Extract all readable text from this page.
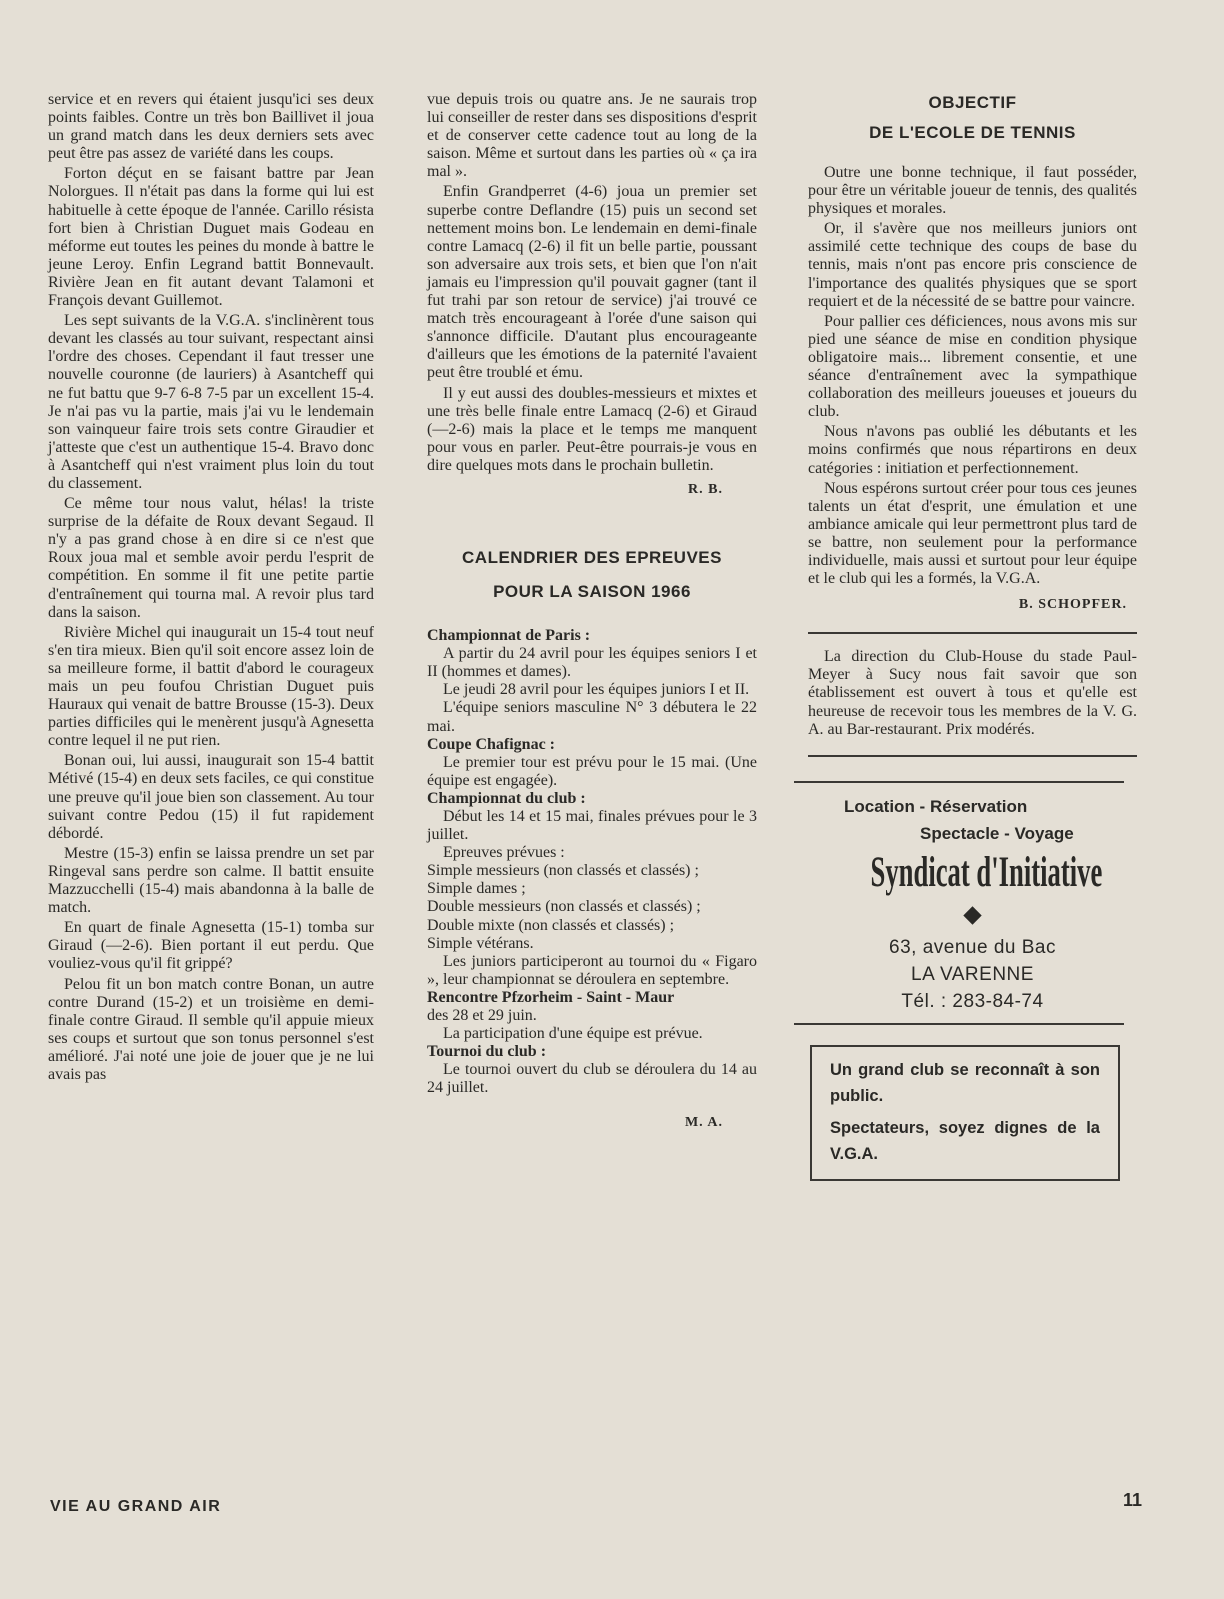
service et en revers qui étaient jusqu'ici ses deux points faibles. Contre un très bon Baillivet il joua un grand match dans les deux derniers sets avec peut être pas assez de variété dans les coups.

Forton déçut en se faisant battre par Jean Nolorgues. Il n'était pas dans la forme qui lui est habituelle à cette époque de l'année. Carillo résista fort bien à Christian Duguet mais Godeau en méforme eut toutes les peines du monde à battre le jeune Leroy. Enfin Legrand battit Bonnevault. Rivière Jean en fit autant devant Talamoni et François devant Guillemot.

Les sept suivants de la V.G.A. s'inclinèrent tous devant les classés au tour suivant, respectant ainsi l'ordre des choses. Cependant il faut tresser une nouvelle couronne (de lauriers) à Asantcheff qui ne fut battu que 9-7 6-8 7-5 par un excellent 15-4. Je n'ai pas vu la partie, mais j'ai vu le lendemain son vainqueur faire trois sets contre Giraudier et j'atteste que c'est un authentique 15-4. Bravo donc à Asantcheff qui n'est vraiment plus loin du tout du classement.

Ce même tour nous valut, hélas! la triste surprise de la défaite de Roux devant Segaud. Il n'y a pas grand chose à en dire si ce n'est que Roux joua mal et semble avoir perdu l'esprit de compétition. En somme il fit une petite partie d'entraînement qui tourna mal. A revoir plus tard dans la saison.

Rivière Michel qui inaugurait un 15-4 tout neuf s'en tira mieux. Bien qu'il soit encore assez loin de sa meilleure forme, il battit d'abord le courageux mais un peu foufou Christian Duguet puis Hauraux qui venait de battre Brousse (15-3). Deux parties difficiles qui le menèrent jusqu'à Agnesetta contre lequel il ne put rien.

Bonan oui, lui aussi, inaugurait son 15-4 battit Métivé (15-4) en deux sets faciles, ce qui constitue une preuve qu'il joue bien son classement. Au tour suivant contre Pedou (15) il fut rapidement débordé.

Mestre (15-3) enfin se laissa prendre un set par Ringeval sans perdre son calme. Il battit ensuite Mazzucchelli (15-4) mais abandonna à la balle de match.

En quart de finale Agnesetta (15-1) tomba sur Giraud (—2-6). Bien portant il eut perdu. Que vouliez-vous qu'il fit grippé?

Pelou fit un bon match contre Bonan, un autre contre Durand (15-2) et un troisième en demi-finale contre Giraud. Il semble qu'il appuie mieux ses coups et surtout que son tonus personnel s'est amélioré. J'ai noté une joie de jouer que je ne lui avais pas

vue depuis trois ou quatre ans. Je ne saurais trop lui conseiller de rester dans ses dispositions d'esprit et de conserver cette cadence tout au long de la saison. Même et surtout dans les parties où « ça ira mal ».

Enfin Grandperret (4-6) joua un premier set superbe contre Deflandre (15) puis un second set nettement moins bon. Le lendemain en demi-finale contre Lamacq (2-6) il fit un belle partie, poussant son adversaire aux trois sets, et bien que l'on n'ait jamais eu l'impression qu'il pouvait gagner (tant il fut trahi par son retour de service) j'ai trouvé ce match très encourageant à l'orée d'une saison qui s'annonce difficile. D'autant plus encourageante d'ailleurs que les émotions de la paternité l'avaient peut être troublé et ému.

Il y eut aussi des doubles-messieurs et mixtes et une très belle finale entre Lamacq (2-6) et Giraud (—2-6) mais la place et le temps me manquent pour vous en parler. Peut-être pourrais-je vous en dire quelques mots dans le prochain bulletin.

R. B.
CALENDRIER DES EPREUVES
POUR LA SAISON 1966

Championnat de Paris :

A partir du 24 avril pour les équipes seniors I et II (hommes et dames).

Le jeudi 28 avril pour les équipes juniors I et II.

L'équipe seniors masculine N° 3 débutera le 22 mai.

Coupe Chafignac :

Le premier tour est prévu pour le 15 mai. (Une équipe est engagée).

Championnat du club :

Début les 14 et 15 mai, finales prévues pour le 3 juillet.

Epreuves prévues :

Simple messieurs (non classés et classés) ;

Simple dames ;

Double messieurs (non classés et classés) ;

Double mixte (non classés et classés) ;

Simple vétérans.

Les juniors participeront au tournoi du « Figaro », leur championnat se déroulera en septembre.

Rencontre Pfzorheim - Saint - Maur

des 28 et 29 juin.

La participation d'une équipe est prévue.

Tournoi du club :

Le tournoi ouvert du club se déroulera du 14 au 24 juillet.

M. A.
OBJECTIF
DE L'ECOLE DE TENNIS

Outre une bonne technique, il faut posséder, pour être un véritable joueur de tennis, des qualités physiques et morales.

Or, il s'avère que nos meilleurs juniors ont assimilé cette technique des coups de base du tennis, mais n'ont pas encore pris conscience de l'importance des qualités physiques que se sport requiert et de la nécessité de se battre pour vaincre.

Pour pallier ces déficiences, nous avons mis sur pied une séance de mise en condition physique obligatoire mais... librement consentie, et une séance d'entraînement avec la sympathique collaboration des meilleurs joueuses et joueurs du club.

Nous n'avons pas oublié les débutants et les moins confirmés que nous répartirons en deux catégories : initiation et perfectionnement.

Nous espérons surtout créer pour tous ces jeunes talents un état d'esprit, une émulation et une ambiance amicale qui leur permettront plus tard de se battre, non seulement pour la performance individuelle, mais aussi et surtout pour leur équipe et le club qui les a formés, la V.G.A.

B. SCHOPFER.

La direction du Club-House du stade Paul-Meyer à Sucy nous fait savoir que son établissement est ouvert à tous et qu'elle est heureuse de recevoir tous les membres de la V. G. A. au Bar-restaurant. Prix modérés.

Location - Réservation
Spectacle - Voyage
Syndicat d'Initiative
63, avenue du Bac
LA VARENNE
Tél. : 283-84-74
Un grand club se reconnaît à son public.
Spectateurs, soyez dignes de la V.G.A.
VIE AU GRAND AIR	11
